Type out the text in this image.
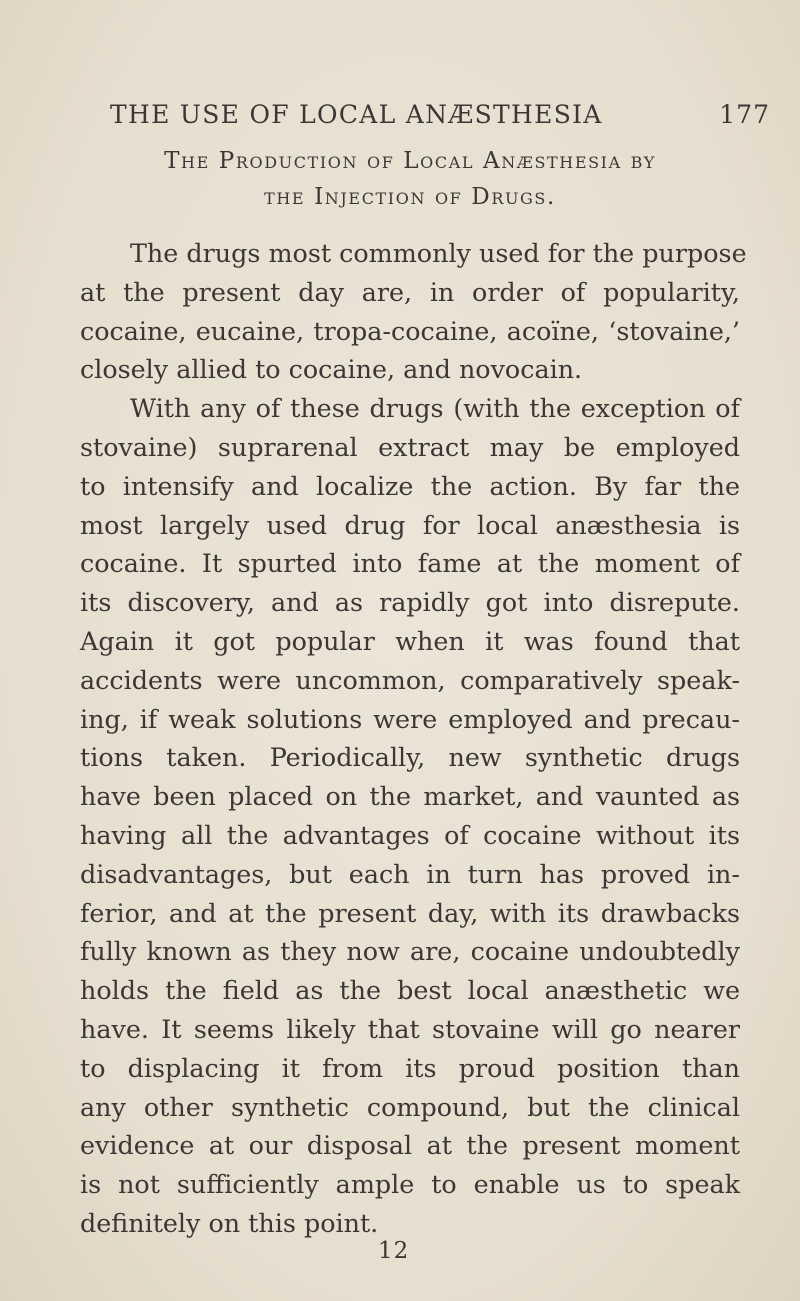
THE USE OF LOCAL ANÆSTHESIA	177
The Production of Local Anæsthesia by
the Injection of Drugs.
The drugs most commonly used for the purpose
at the present day are, in order of popularity,
cocaine, eucaine, tropa-cocaine, acoïne, ‘stovaine,’
closely allied to cocaine, and novocain.
With any of these drugs (with the exception of
stovaine) suprarenal extract may be employed
to intensify and localize the action. By far the
most largely used drug for local anæsthesia is
cocaine. It spurted into fame at the moment of
its discovery, and as rapidly got into disrepute.
Again it got popular when it was found that
accidents were uncommon, comparatively speak-
ing, if weak solutions were employed and precau-
tions taken. Periodically, new synthetic drugs
have been placed on the market, and vaunted as
having all the advantages of cocaine without its
disadvantages, but each in turn has proved in-
ferior, and at the present day, with its drawbacks
fully known as they now are, cocaine undoubtedly
holds the field as the best local anæsthetic we
have. It seems likely that stovaine will go nearer
to displacing it from its proud position than
any other synthetic compound, but the clinical
evidence at our disposal at the present moment
is not sufficiently ample to enable us to speak
definitely on this point.
12
